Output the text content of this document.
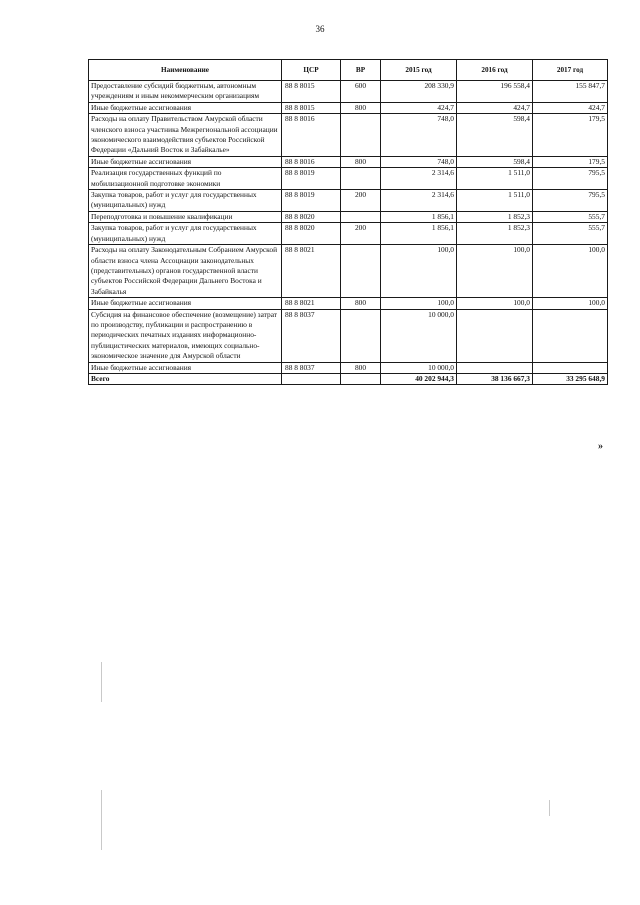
36
Наименование	ЦСР	ВР	2015 год	2016 год	2017 год
Предоставление субсидий бюджетным, автономным учреждениям и иным некоммерческим организациям	88 8 8015	600	208 330,9	196 558,4	155 847,7
Иные бюджетные ассигнования	88 8 8015	800	424,7	424,7	424,7
Расходы на оплату Правительством Амурской области членского взноса участника Межрегиональной ассоциации экономического взаимодействия субъектов Российской Федерации «Дальний Восток и Забайкалье»	88 8 8016		748,0	598,4	179,5
Иные бюджетные ассигнования	88 8 8016	800	748,0	598,4	179,5
Реализация государственных функций по мобилизационной подготовке экономики	88 8 8019		2 314,6	1 511,0	795,5
Закупка товаров, работ и услуг для государственных (муниципальных) нужд	88 8 8019	200	2 314,6	1 511,0	795,5
Переподготовка и повышение квалификации	88 8 8020		1 856,1	1 852,3	555,7
Закупка товаров, работ и услуг для государственных (муниципальных) нужд	88 8 8020	200	1 856,1	1 852,3	555,7
Расходы на оплату Законодательным Собранием Амурской области взноса члена Ассоциации законодательных (представительных) органов государственной власти субъектов Российской Федерации Дальнего Востока и Забайкалья	88 8 8021		100,0	100,0	100,0
Иные бюджетные ассигнования	88 8 8021	800	100,0	100,0	100,0
Субсидия на финансовое обеспечение (возмещение) затрат по производству, публикации и распространению в периодических печатных изданиях информационно-публицистических материалов, имеющих социально-экономическое значение для Амурской области	88 8 8037		10 000,0		
Иные бюджетные ассигнования	88 8 8037	800	10 000,0		
Всего			40 202 944,3	38 136 667,3	33 295 648,9
»
